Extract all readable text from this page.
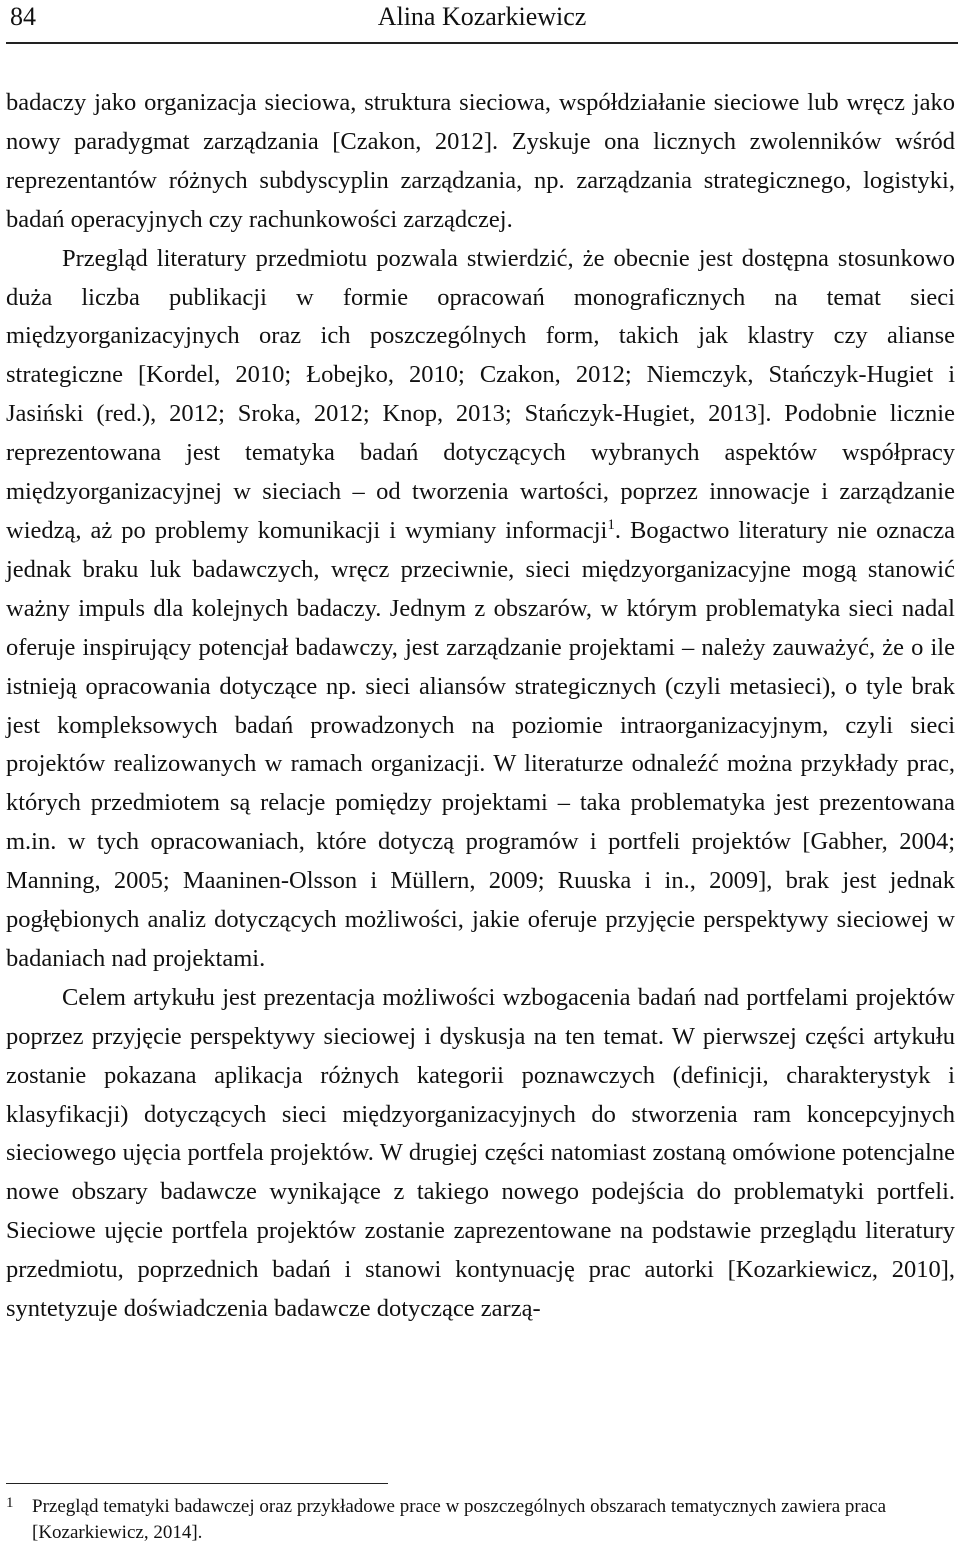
84	Alina Kozarkiewicz

badaczy jako organizacja sieciowa, struktura sieciowa, współdziałanie sieciowe lub wręcz jako nowy paradygmat zarządzania [Czakon, 2012]. Zyskuje ona licznych zwolenników wśród reprezentantów różnych subdyscyplin zarządzania, np. zarządzania strategicznego, logistyki, badań operacyjnych czy rachunkowości zarządczej.

Przegląd literatury przedmiotu pozwala stwierdzić, że obecnie jest dostępna stosunkowo duża liczba publikacji w formie opracowań monograficznych na temat sieci międzyorganizacyjnych oraz ich poszczególnych form, takich jak klastry czy alianse strategiczne [Kordel, 2010; Łobejko, 2010; Czakon, 2012; Niemczyk, Stańczyk-Hugiet i Jasiński (red.), 2012; Sroka, 2012; Knop, 2013; Stańczyk-Hugiet, 2013]. Podobnie licznie reprezentowana jest tematyka badań dotyczących wybranych aspektów współpracy międzyorganizacyjnej w sieciach – od tworzenia wartości, poprzez innowacje i zarządzanie wiedzą, aż po problemy komunikacji i wymiany informacji$^1$. Bogactwo literatury nie oznacza jednak braku luk badawczych, wręcz przeciwnie, sieci międzyorganizacyjne mogą stanowić ważny impuls dla kolejnych badaczy. Jednym z obszarów, w którym problematyka sieci nadal oferuje inspirujący potencjał badawczy, jest zarządzanie projektami – należy zauważyć, że o ile istnieją opracowania dotyczące np. sieci aliansów strategicznych (czyli metasieci), o tyle brak jest kompleksowych badań prowadzonych na poziomie intraorganizacyjnym, czyli sieci projektów realizowanych w ramach organizacji. W literaturze odnaleźć można przykłady prac, których przedmiotem są relacje pomiędzy projektami – taka problematyka jest prezentowana m.in. w tych opracowaniach, które dotyczą programów i portfeli projektów [Gabher, 2004; Manning, 2005; Maaninen-Olsson i Müllern, 2009; Ruuska i in., 2009], brak jest jednak pogłębionych analiz dotyczących możliwości, jakie oferuje przyjęcie perspektywy sieciowej w badaniach nad projektami.

Celem artykułu jest prezentacja możliwości wzbogacenia badań nad portfelami projektów poprzez przyjęcie perspektywy sieciowej i dyskusja na ten temat. W pierwszej części artykułu zostanie pokazana aplikacja różnych kategorii poznawczych (definicji, charakterystyk i klasyfikacji) dotyczących sieci międzyorganizacyjnych do stworzenia ram koncepcyjnych sieciowego ujęcia portfela projektów. W drugiej części natomiast zostaną omówione potencjalne nowe obszary badawcze wynikające z takiego nowego podejścia do problematyki portfeli. Sieciowe ujęcie portfela projektów zostanie zaprezentowane na podstawie przeglądu literatury przedmiotu, poprzednich badań i stanowi kontynuację prac autorki [Kozarkiewicz, 2010], syntetyzuje doświadczenia badawcze dotyczące zarzą-

1 Przegląd tematyki badawczej oraz przykładowe prace w poszczególnych obszarach tematycznych zawiera praca [Kozarkiewicz, 2014].
